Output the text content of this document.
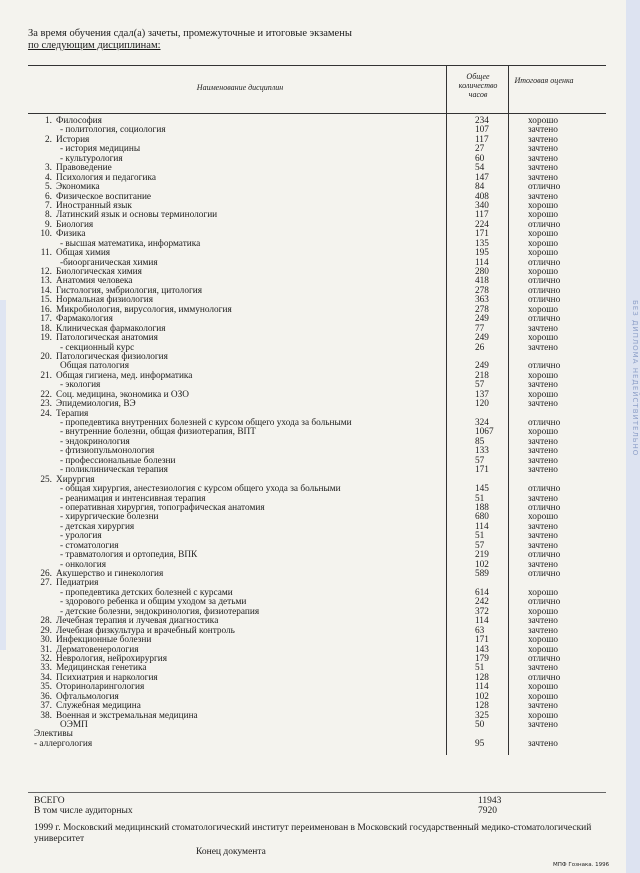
БЕЗ ДИПЛОМА НЕДЕЙСТВИТЕЛЬНО
За время обучения сдал(а) зачеты, промежуточные и итоговые экзамены
по следующим дисциплинам:
Наименование дисциплин
Общее количество часов
Итоговая оценка
1. Философия	234	хорошо
- политология, социология	107	зачтено
2. История	117	зачтено
- история медицины	27	зачтено
- культурология	60	зачтено
3. Правоведение	54	зачтено
4. Психология и педагогика	147	зачтено
5. Экономика	84	отлично
6. Физическое воспитание	408	зачтено
7. Иностранный язык	340	хорошо
8. Латинский язык и основы терминологии	117	хорошо
9. Биология	224	отлично
10. Физика	171	хорошо
- высшая математика, информатика	135	хорошо
11. Общая химия	195	хорошо
-биоорганическая химия	114	отлично
12. Биологическая химия	280	хорошо
13. Анатомия человека	418	отлично
14. Гистология, эмбриология, цитология	278	отлично
15. Нормальная физиология	363	отлично
16. Микробиология, вирусология, иммунология	278	хорошо
17. Фармакология	249	отлично
18. Клиническая фармакология	77	зачтено
19. Патологическая анатомия	249	хорошо
- секционный курс	26	зачтено
20. Патологическая физиология
Общая патология	249	отлично
21. Общая гигиена, мед. информатика	218	хорошо
- экология	57	зачтено
22. Соц. медицина, экономика и ОЗО	137	хорошо
23. Эпидемиология, ВЭ	120	зачтено
24. Терапия
- пропедевтика внутренних болезней с курсом общего ухода за больными	324	отлично
- внутренние болезни, общая физиотерапия, ВПТ	1067	хорошо
- эндокринология	85	зачтено
- фтизиопульмонология	133	зачтено
- профессиональные болезни	57	зачтено
- поликлиническая терапия	171	зачтено
25. Хирургия
- общая хирургия, анестезиология с курсом общего ухода за больными	145	отлично
- реанимация и интенсивная терапия	51	зачтено
- оперативная хирургия, топографическая анатомия	188	отлично
- хирургические болезни	680	хорошо
- детская хирургия	114	зачтено
- урология	51	зачтено
- стоматология	57	зачтено
- травматология и ортопедия, ВПК	219	отлично
- онкология	102	зачтено
26. Акушерство и гинекология	589	отлично
27. Педиатрия
- пропедевтика детских болезней с курсами	614	хорошо
- здорового ребенка и общим уходом за детьми	242	отлично
- детские болезни, эндокринология, физиотерапия	372	хорошо
28. Лечебная терапия и лучевая диагностика	114	зачтено
29. Лечебная физкультура и врачебный контроль	63	зачтено
30. Инфекционные болезни	171	хорошо
31. Дерматовенерология	143	хорошо
32. Неврология, нейрохирургия	179	отлично
33. Медицинская генетика	51	зачтено
34. Психиатрия и наркология	128	отлично
35. Оториноларингология	114	хорошо
36. Офтальмология	102	хорошо
37. Служебная медицина	128	зачтено
38. Военная и экстремальная медицина	325	хорошо
ОЭМП	50	зачтено
Элективы
- аллергология	95	зачтено
ВСЕГО	11943
В том числе аудиторных	7920
1999 г. Московский медицинский стоматологический институт переименован в Московский государственный медико-стоматологический университет
Конец документа
МПФ Гознака. 1996
